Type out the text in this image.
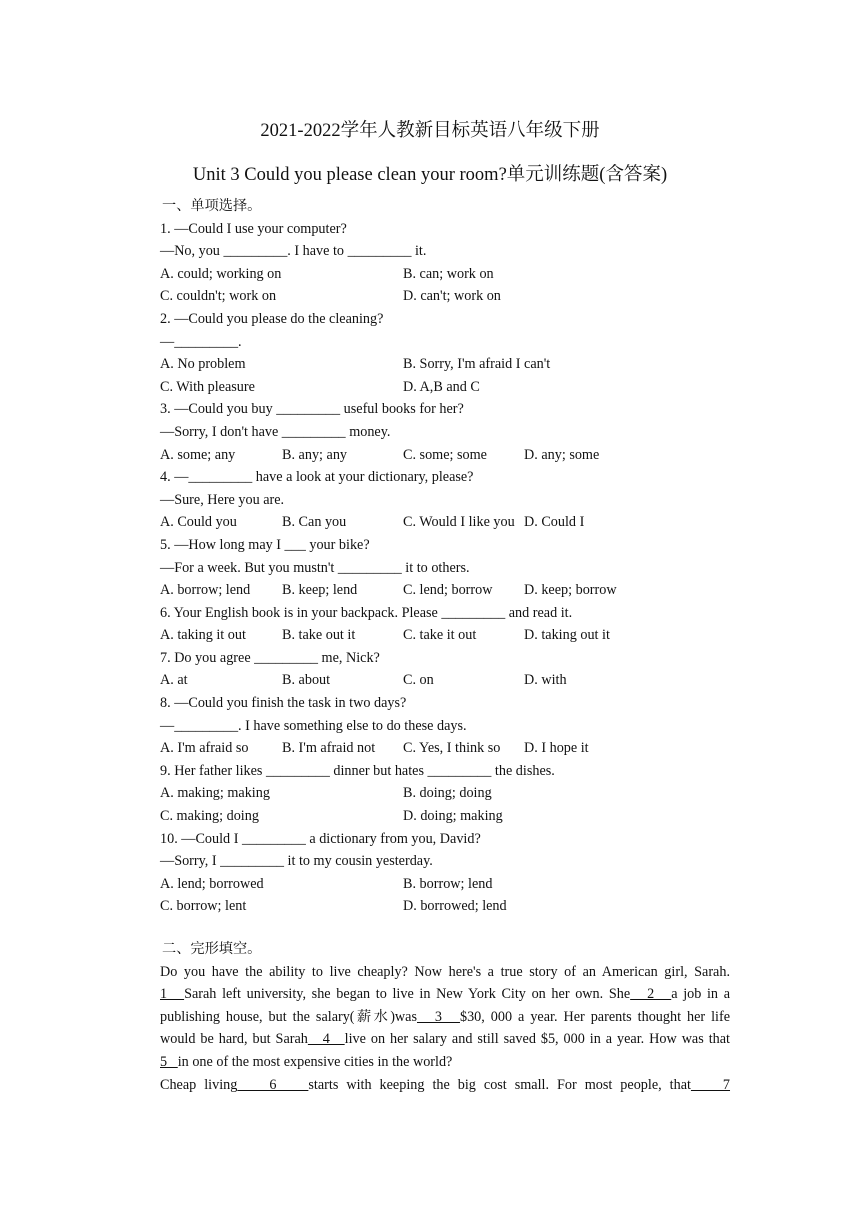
2021-2022学年人教新目标英语八年级下册
Unit 3 Could you please clean your room?单元训练题(含答案)
一、单项选择。
1. —Could I use your computer?
—No, you _________. I have to _________ it.
A. could; working on	B. can; work on
C. couldn't; work on	D. can't; work on
2. —Could you please do the cleaning?
—_________.
A. No problem	B. Sorry, I'm afraid I can't
C. With pleasure	D. A,B and C
3. —Could you buy _________ useful books for her?
—Sorry, I don't have _________ money.
A. some; any	B. any; any	C. some; some	D. any; some
4. —_________ have a look at your dictionary, please?
—Sure, Here you are.
A. Could you	B. Can you	C. Would I like you D. Could I
5. —How long may I ___ your bike?
—For a week. But you mustn't _________ it to others.
A. borrow; lend B. keep; lend	C. lend; borrow D. keep; borrow
6. Your English book is in your backpack. Please _________ and read it.
A. taking it out	B. take out it	C. take it out	D. taking out it
7. Do you agree _________ me, Nick?
A. at	B. about	C. on	D. with
8. —Could you finish the task in two days?
—_________. I have something else to do these days.
A. I'm afraid so B. I'm afraid not C. Yes, I think so D. I hope it
9. Her father likes _________ dinner but hates _________ the dishes.
A. making; making	B. doing; doing
C. making; doing	D. doing; making
10. —Could I _________ a dictionary from you, David?
—Sorry, I _________ it to my cousin yesterday.
A. lend; borrowed	B. borrow; lend
C. borrow; lent	D. borrowed; lend
二、完形填空。
Do you have the ability to live cheaply? Now here's a true story of an American girl, Sarah.
1   Sarah left university, she began to live in New York City on her own. She   2   a job in a
publishing house, but the salary(薪水)was   3   $30, 000 a year. Her parents thought her life
would be hard, but Sarah   4   live on her salary and still saved $5, 000 in a year. How was that
5   in one of the most expensive cities in the world?
Cheap living    6    starts with keeping the big cost small. For most people, that    7
